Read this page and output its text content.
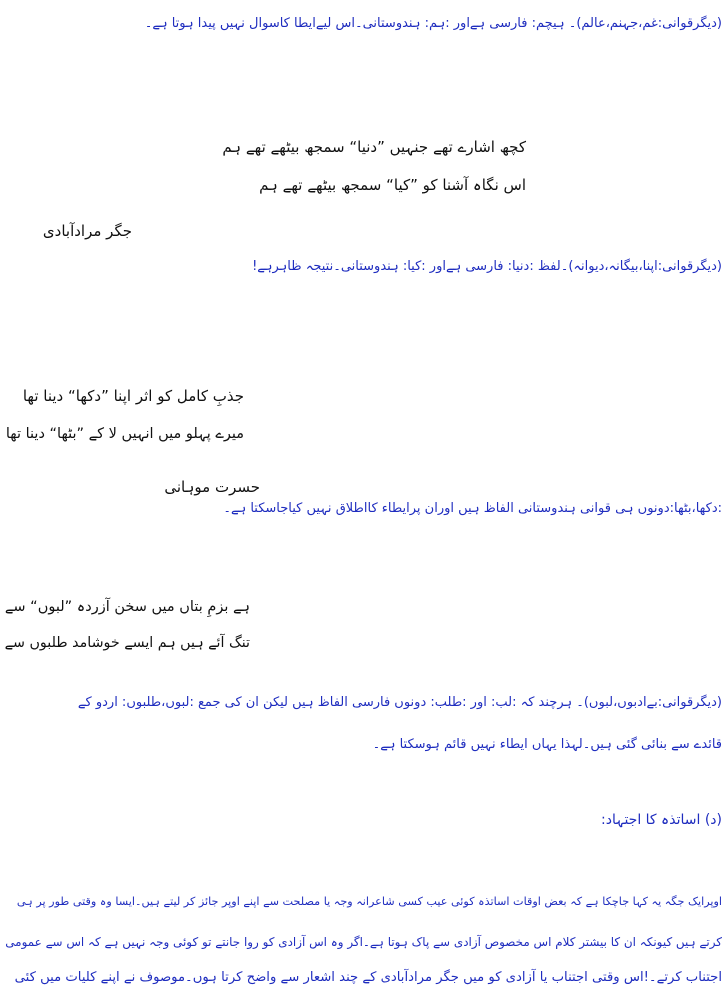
(دیگرقوانی:غم،جہنم،عالم)۔ ہیچم: فارسی ہےاور :ہم: ہندوستانی۔اس لیےایطا کاسوال نہیں پیدا ہوتا ہے۔
کچھ اشارے تھے جنہیں ”دنیا“ سمجھ بیٹھے تھے ہم
اس نگاہ آشنا کو ”کیا“ سمجھ بیٹھے تھے ہم
جگر مرادآبادی
(دیگرقوانی:اپنا،بیگانہ،دیوانہ)۔لفظ :دنیا: فارسی ہےاور :کیا: ہندوستانی۔نتیجہ ظاہرہے!
جذبِ کامل کو اثر اپنا ”دکھا“ دینا تھا
میرے پہلو میں انہیں لا کے ”بٹھا“ دینا تھا
حسرت موہانی
:دکھا،بٹھا:دونوں ہی قوانی ہندوستانی الفاظ ہیں اوران پرایطاء کااطلاق نہیں کیاجاسکتا ہے۔
ہے بزمِ بتاں میں سخن آزردہ ”لبوں“ سے
تنگ آئے ہیں ہم ایسے خوشامد طلبوں سے
(دیگرقوانی:بےادبوں،لبوں)۔ ہرچند کہ :لب: اور :طلب: دونوں فارسی الفاظ ہیں لیکن ان کی جمع :لبوں،طلبوں: اردو کے
قائدے سے بنائی گئی ہیں۔لہذا یہاں ایطاء نہیں قائم ہوسکتا ہے۔
(د) اساتذہ کا اجتہاد:
اوپرایک جگہ یہ کہا جاچکا ہے کہ بعض اوقات اساتذہ کوئی عیب کسی شاعرانہ وجہ یا مصلحت سے اپنے اوپر جائز کر لیتے ہیں۔ایسا وہ وقتی طور پر ہی
کرتے ہیں کیونکہ ان کا بیشتر کلام اس مخصوص آزادی سے پاک ہوتا ہے۔اگر وہ اس آزادی کو روا جانتے تو کوئی وجہ نہیں ہے کہ اس سے عمومی
اجتناب کرتے۔!اس وقتی اجتناب یا آزادی کو میں جگر مرادآبادی کے چند اشعار سے واضح کرتا ہوں۔موصوف نے اپنے کلیات میں کئی
